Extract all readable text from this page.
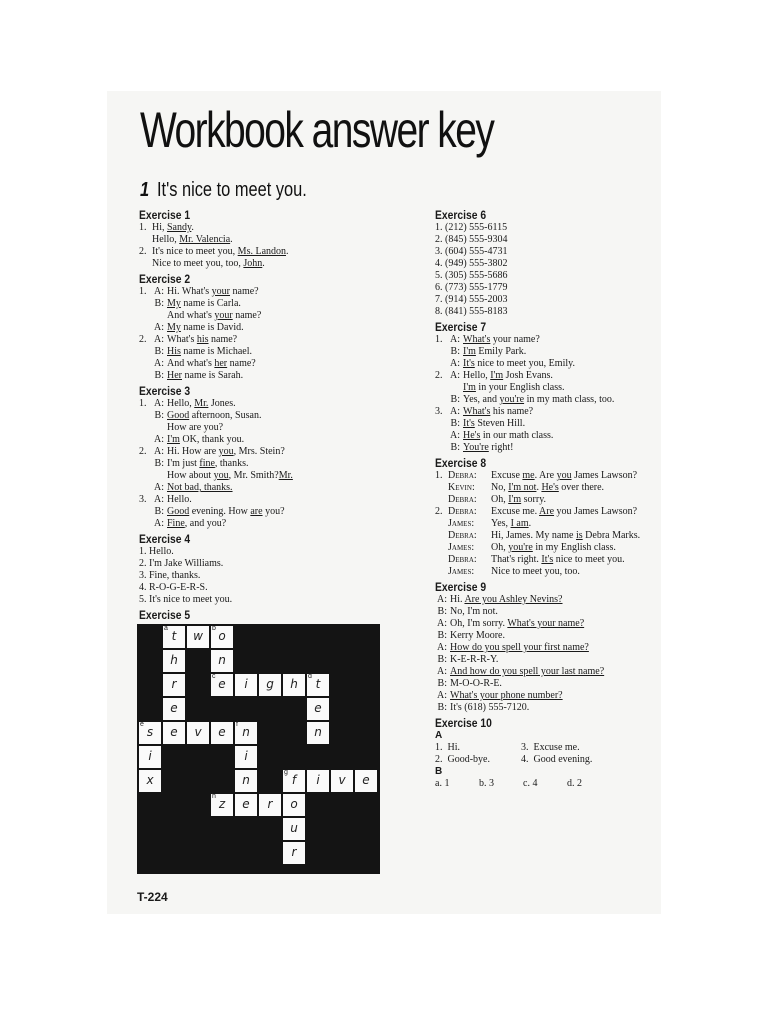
Workbook answer key
1 It's nice to meet you.
Exercise 1
1. Hi, Sandy.
Hello, Mr. Valencia.
2. It's nice to meet you, Ms. Landon.
Nice to meet you, too, John.
Exercise 2
1. A: Hi. What's your name?
B: My name is Carla.
And what's your name?
A: My name is David.
2. A: What's his name?
B: His name is Michael.
A: And what's her name?
B: Her name is Sarah.
Exercise 3
1. A: Hello, Mr. Jones.
B: Good afternoon, Susan.
How are you?
A: I'm OK, thank you.
2. A: Hi. How are you, Mrs. Stein?
B: I'm just fine, thanks.
How about you, Mr. Smith?Mr.
A: Not bad, thanks.
3. A: Hello.
B: Good evening. How are you?
A: Fine, and you?
Exercise 4
1. Hello.
2. I'm Jake Williams.
3. Fine, thanks.
4. R-O-G-E-R-S.
5. It's nice to meet you.
Exercise 5
a
t	w
b
o
h	n
r
c
e	i	g	h
d
t
e	e
e
s	e	v	e
f
n	n
i	i
x	n
g
f	i	v	e
h
z	e	r	o
u
r
Exercise 6
1. (212) 555-6115
2. (845) 555-9304
3. (604) 555-4731
4. (949) 555-3802
5. (305) 555-5686
6. (773) 555-1779
7. (914) 555-2003
8. (841) 555-8183
Exercise 7
1. A: What's your name?
B: I'm Emily Park.
A: It's nice to meet you, Emily.
2. A: Hello, I'm Josh Evans.
I'm in your English class.
B: Yes, and you're in my math class, too.
3. A: What's his name?
B: It's Steven Hill.
A: He's in our math class.
B: You're right!
Exercise 8
1. Debra: Excuse me. Are you James Lawson?
Kevin: No, I'm not. He's over there.
Debra: Oh, I'm sorry.
2. Debra: Excuse me. Are you James Lawson?
James: Yes, I am.
Debra: Hi, James. My name is Debra Marks.
James: Oh, you're in my English class.
Debra: That's right. It's nice to meet you.
James: Nice to meet you, too.
Exercise 9
A: Hi. Are you Ashley Nevins?
B: No, I'm not.
A: Oh, I'm sorry. What's your name?
B: Kerry Moore.
A: How do you spell your first name?
B: K-E-R-R-Y.
A: And how do you spell your last name?
B: M-O-O-R-E.
A: What's your phone number?
B: It's (618) 555-7120.
Exercise 10
A
1.  Hi.	3.  Excuse me.
2.  Good-bye.	4.  Good evening.
B
a. 1	b. 3	c. 4	d. 2
T-224
